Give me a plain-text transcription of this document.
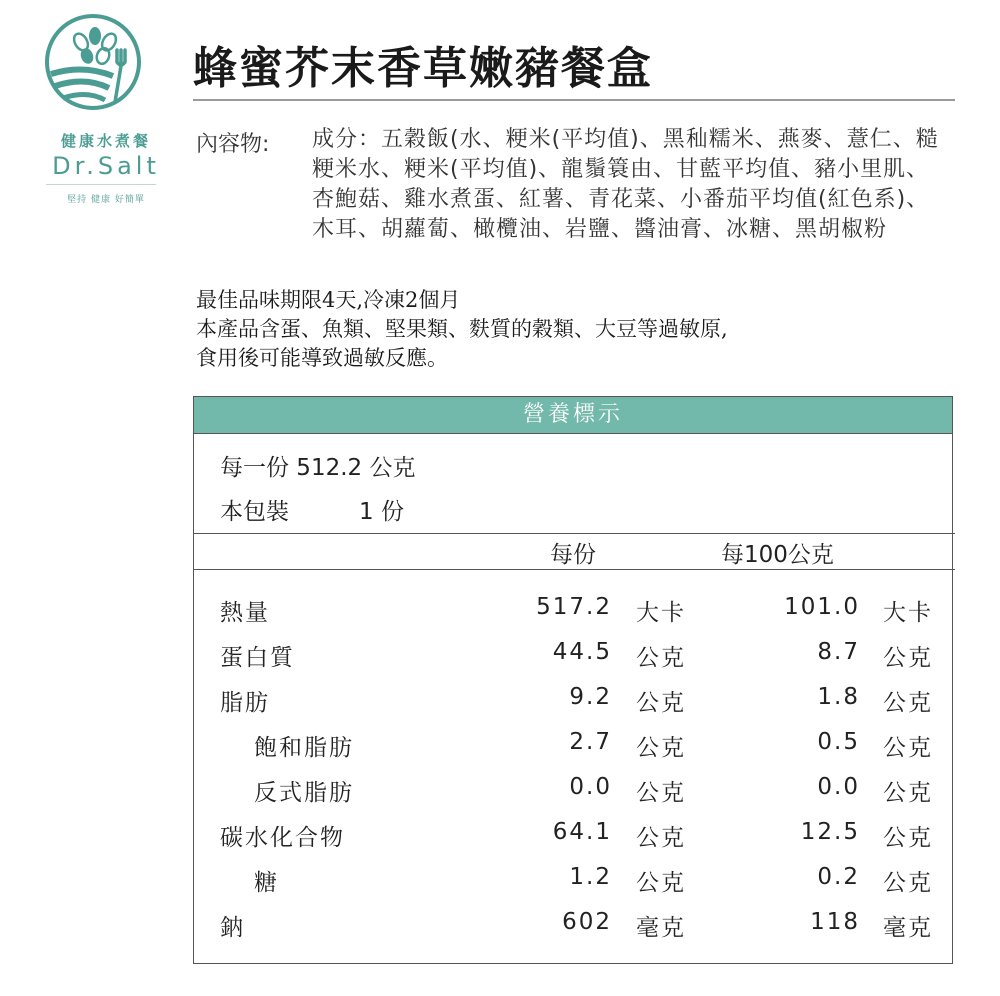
健康水煮餐
Dr.Salt
堅持 健康 好簡單
蜂蜜芥末香草嫩豬餐盒
內容物: 成分：五穀飯(水、粳米(平均值)、黑秈糯米、燕麥、薏仁、糙粳米水、粳米(平均值)、龍鬚簑由、甘藍平均值、豬小里肌、杏鮑菇、雞水煮蛋、紅薯、青花菜、小番茄平均值(紅色系)、木耳、胡蘿蔔、橄欖油、岩鹽、醬油膏、冰糖、黑胡椒粉
最佳品味期限4天,冷凍2個月
本產品含蛋、魚類、堅果類、麩質的穀類、大豆等過敏原,
食用後可能導致過敏反應。
營養標示
每一份 512.2 公克
本包裝	1 份
每份	每100公克
熱量	517.2 大卡	101.0 大卡
蛋白質	44.5 公克	8.7 公克
脂肪	9.2 公克	1.8 公克
飽和脂肪	2.7 公克	0.5 公克
反式脂肪	0.0 公克	0.0 公克
碳水化合物	64.1 公克	12.5 公克
糖	1.2 公克	0.2 公克
鈉	602 毫克	118 毫克
